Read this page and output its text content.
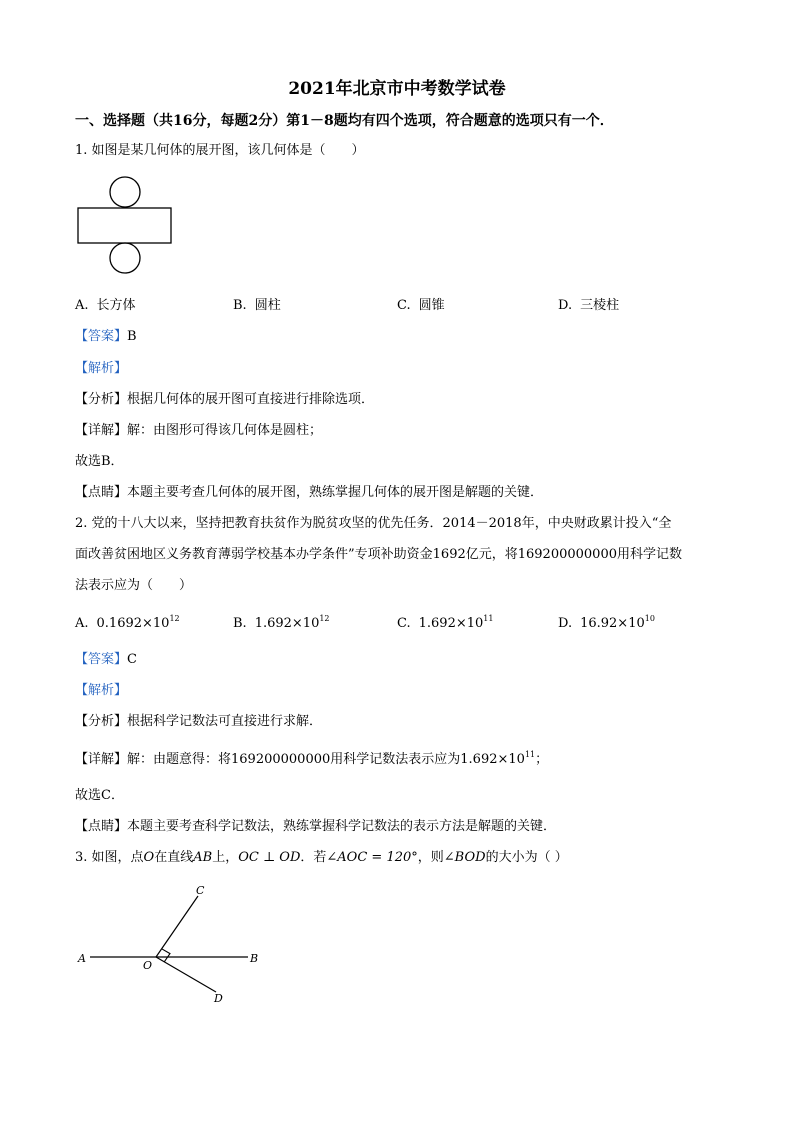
2021年北京市中考数学试卷
一、选择题（共16分，每题2分）第1－8题均有四个选项，符合题意的选项只有一个．
1. 如图是某几何体的展开图，该几何体是（　　）
A. 长方体	B. 圆柱	C. 圆锥	D. 三棱柱
【答案】B
【解析】
【分析】根据几何体的展开图可直接进行排除选项．
【详解】解：由图形可得该几何体是圆柱；
故选B．
【点睛】本题主要考查几何体的展开图，熟练掌握几何体的展开图是解题的关键．
2. 党的十八大以来，坚持把教育扶贫作为脱贫攻坚的优先任务．2014－2018年，中央财政累计投入“全
面改善贫困地区义务教育薄弱学校基本办学条件”专项补助资金1692亿元，将169200000000用科学记数
法表示应为（　　）
A. $0.1692\times 10^{12}$	B. $1.692\times 10^{12}$	C. $1.692\times 10^{11}$	D. $16.92\times 10^{10}$
【答案】C
【解析】
【分析】根据科学记数法可直接进行求解．
【详解】解：由题意得：将169200000000用科学记数法表示应为$1.692\times 10^{11}$；
故选C．
【点睛】本题主要考查科学记数法，熟练掌握科学记数法的表示方法是解题的关键．
3. 如图，点O在直线AB上，OC ⊥ OD．若∠AOC = 120°，则∠BOD的大小为（ ）
A	B
C
D
O
